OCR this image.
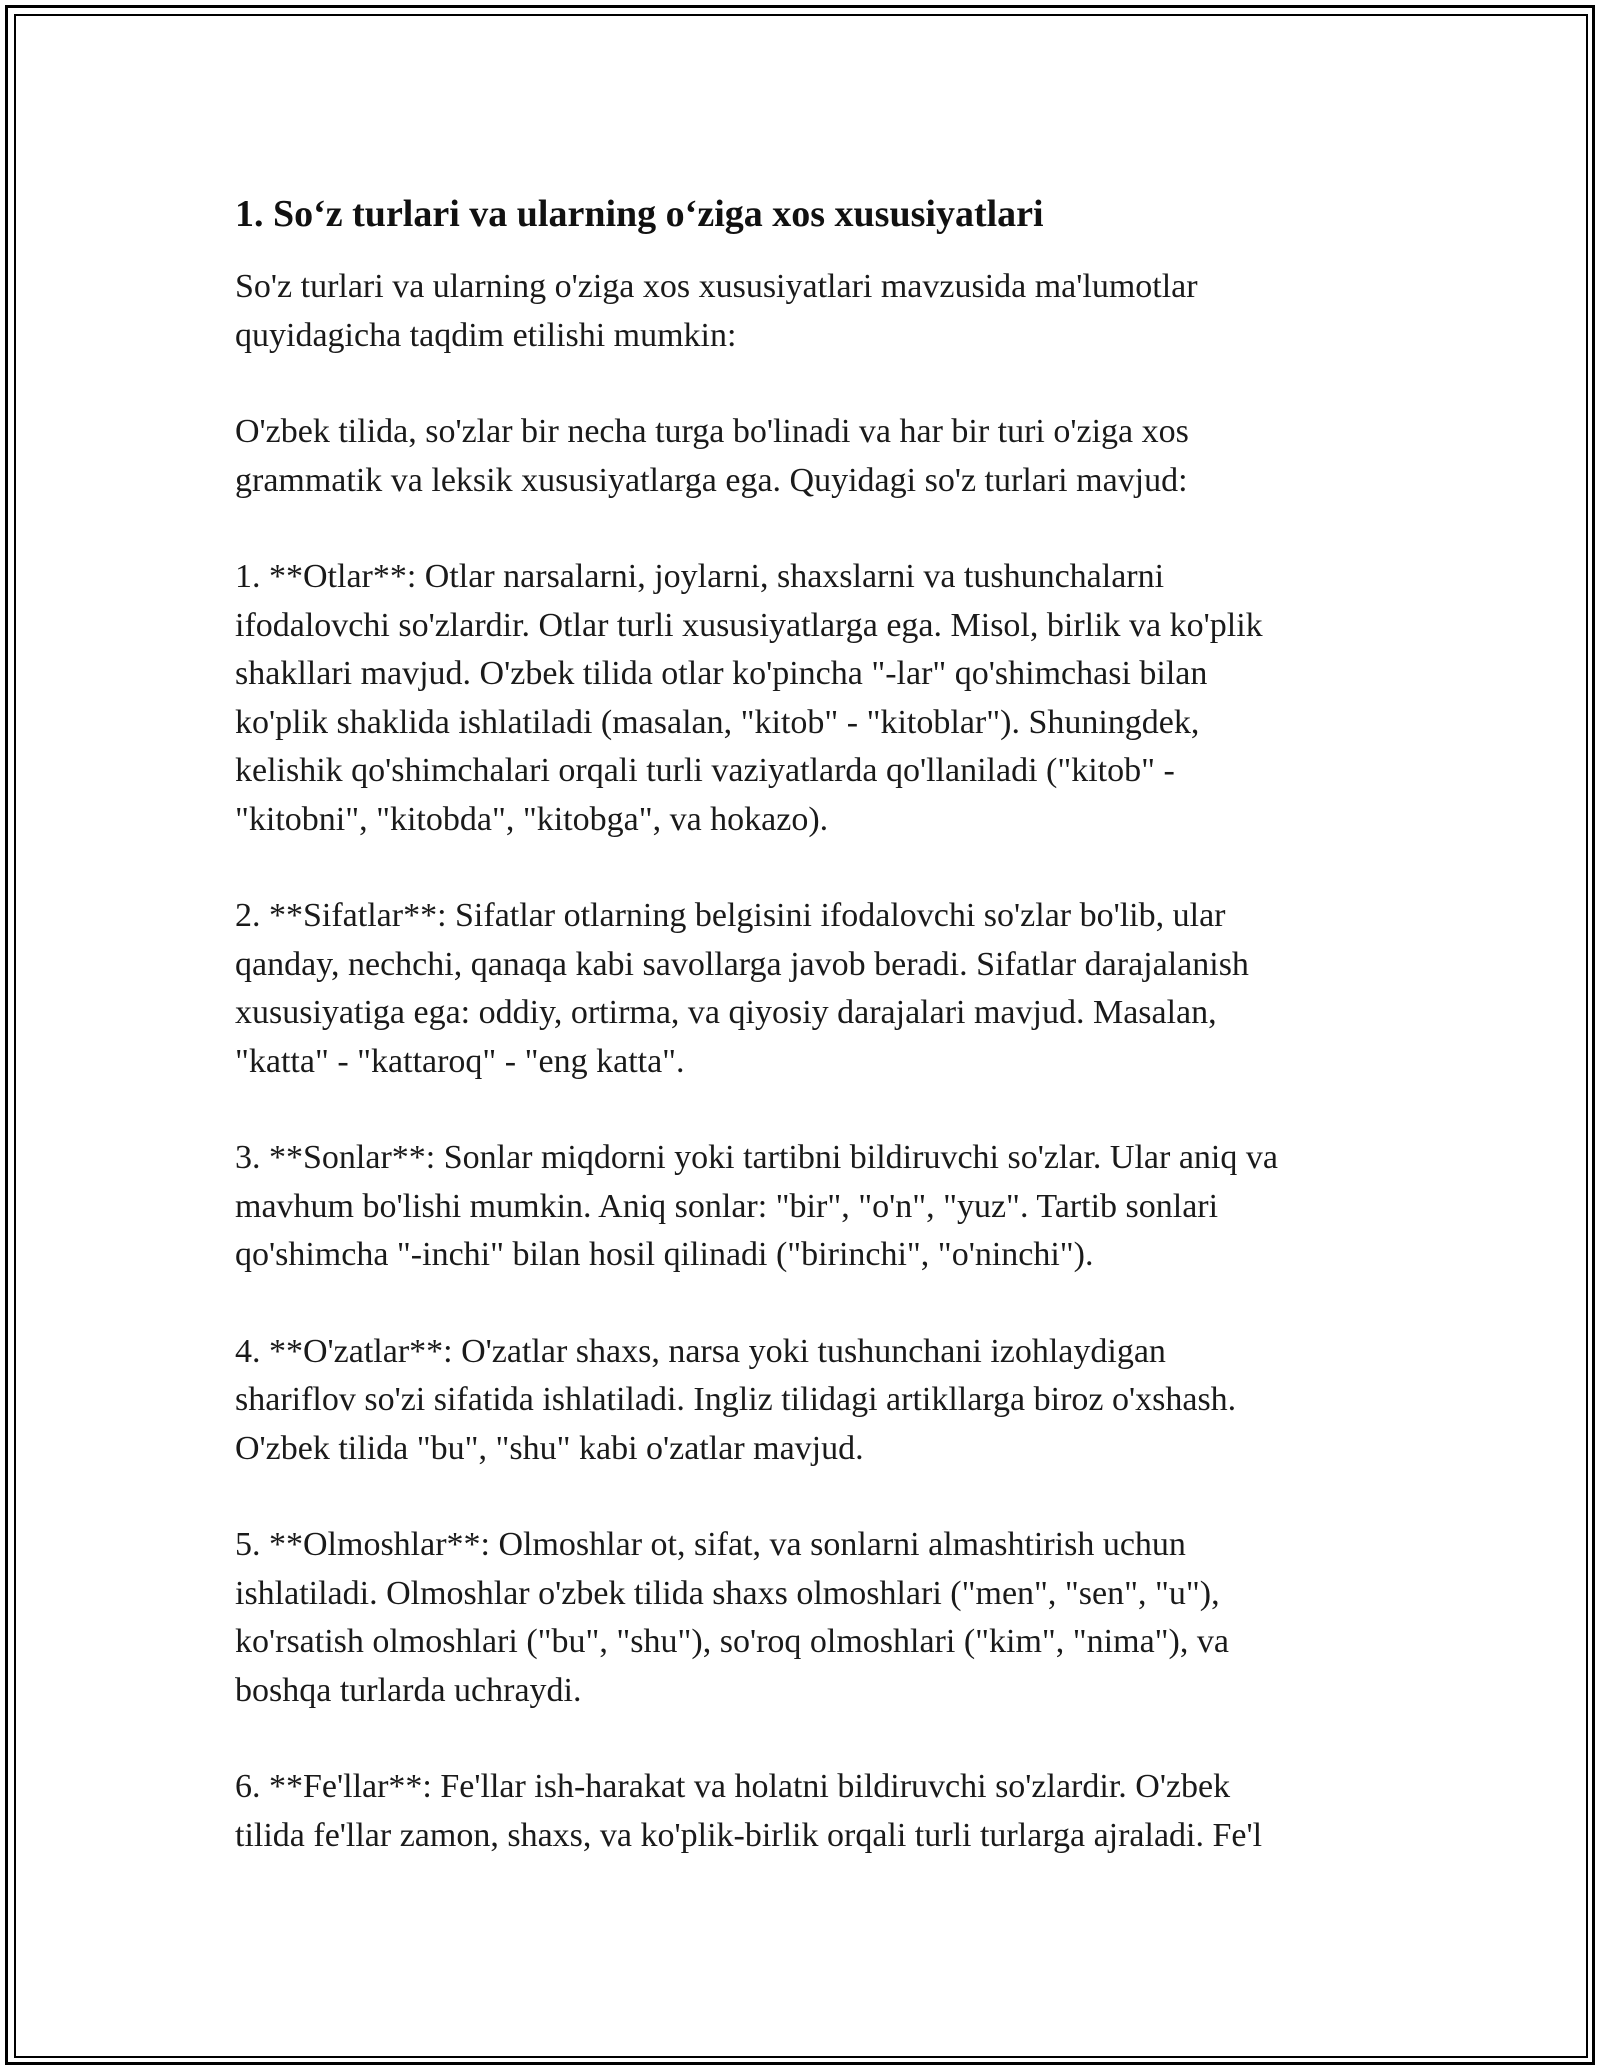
1. So‘z turlari va ularning o‘ziga xos xususiyatlari

So'z turlari va ularning o'ziga xos xususiyatlari mavzusida ma'lumotlar
quyidagicha taqdim etilishi mumkin:

O'zbek tilida, so'zlar bir necha turga bo'linadi va har bir turi o'ziga xos
grammatik va leksik xususiyatlarga ega. Quyidagi so'z turlari mavjud:

1. **Otlar**: Otlar narsalarni, joylarni, shaxslarni va tushunchalarni
ifodalovchi so'zlardir. Otlar turli xususiyatlarga ega. Misol, birlik va ko'plik
shakllari mavjud. O'zbek tilida otlar ko'pincha "-lar" qo'shimchasi bilan
ko'plik shaklida ishlatiladi (masalan, "kitob" - "kitoblar"). Shuningdek,
kelishik qo'shimchalari orqali turli vaziyatlarda qo'llaniladi ("kitob" -
"kitobni", "kitobda", "kitobga", va hokazo).

2. **Sifatlar**: Sifatlar otlarning belgisini ifodalovchi so'zlar bo'lib, ular
qanday, nechchi, qanaqa kabi savollarga javob beradi. Sifatlar darajalanish
xususiyatiga ega: oddiy, ortirma, va qiyosiy darajalari mavjud. Masalan,
"katta" - "kattaroq" - "eng katta".

3. **Sonlar**: Sonlar miqdorni yoki tartibni bildiruvchi so'zlar. Ular aniq va
mavhum bo'lishi mumkin. Aniq sonlar: "bir", "o'n", "yuz". Tartib sonlari
qo'shimcha "-inchi" bilan hosil qilinadi ("birinchi", "o'ninchi").

4. **O'zatlar**: O'zatlar shaxs, narsa yoki tushunchani izohlaydigan
shariflov so'zi sifatida ishlatiladi. Ingliz tilidagi artikllarga biroz o'xshash.
O'zbek tilida "bu", "shu" kabi o'zatlar mavjud.

5. **Olmoshlar**: Olmoshlar ot, sifat, va sonlarni almashtirish uchun
ishlatiladi. Olmoshlar o'zbek tilida shaxs olmoshlari ("men", "sen", "u"),
ko'rsatish olmoshlari ("bu", "shu"), so'roq olmoshlari ("kim", "nima"), va
boshqa turlarda uchraydi.

6. **Fe'llar**: Fe'llar ish-harakat va holatni bildiruvchi so'zlardir. O'zbek
tilida fe'llar zamon, shaxs, va ko'plik-birlik orqali turli turlarga ajraladi. Fe'l
